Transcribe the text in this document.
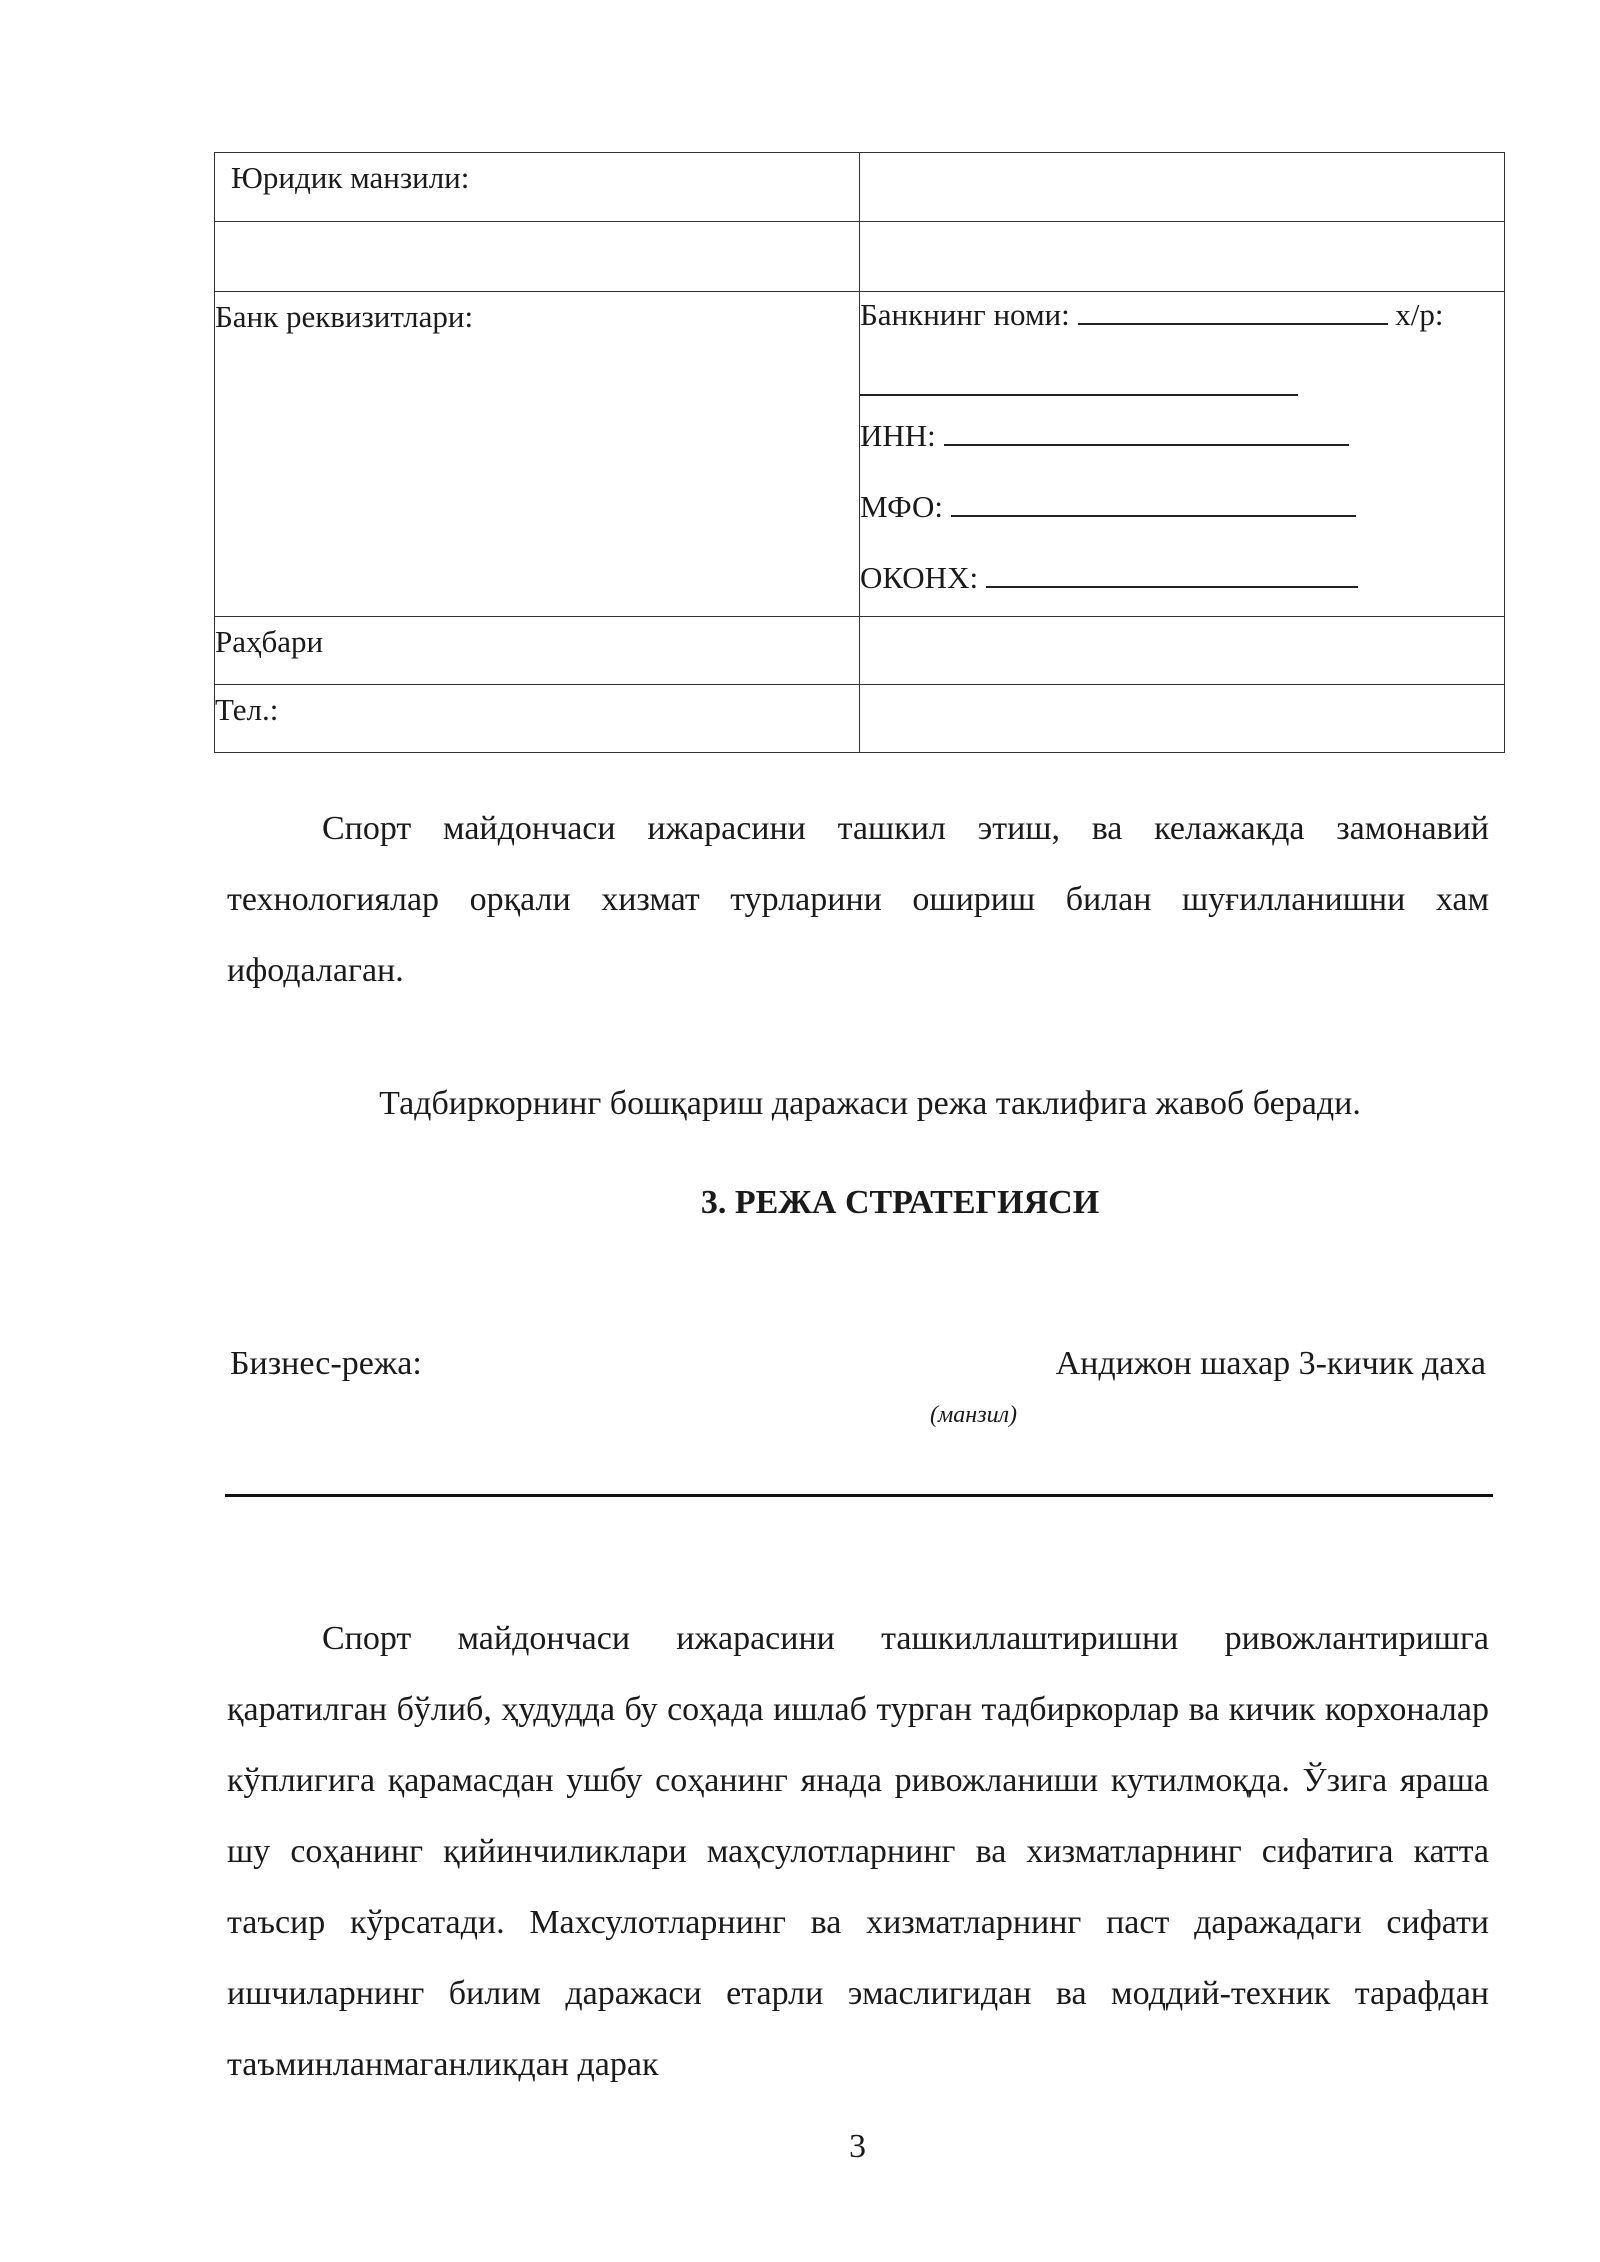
Юридик манзили:	

Банк реквизитлари:	Банкнинг номи: х/р:
ИНН:
МФО:
ОКОНХ:

Раҳбари	

Тел.:	

Спорт майдончаси ижарасини ташкил этиш, ва келажакда замонавий технологиялар орқали хизмат турларини ошириш билан шуғилланишни хам ифодалаган.

Тадбиркорнинг бошқариш даражаси режа таклифига жавоб беради.

3. РЕЖА СТРАТЕГИЯСИ

Бизнес-режа:	Андижон шахар 3-кичик даха

(манзил)

Спорт майдончаси ижарасини ташкиллаштиришни ривожлантиришга қаратилган бўлиб, ҳудудда бу соҳада ишлаб турган тадбиркорлар ва кичик корхоналар кўплигига қарамасдан ушбу соҳанинг янада ривожланиши кутилмоқда. Ўзига яраша шу соҳанинг қийинчиликлари маҳсулотларнинг ва хизматларнинг сифатига катта таъсир кўрсатади. Махсулотларнинг ва хизматларнинг паст даражадаги сифати ишчиларнинг билим даражаси етарли эмаслигидан ва моддий-техник тарафдан таъминланмаганликдан дарак

3
